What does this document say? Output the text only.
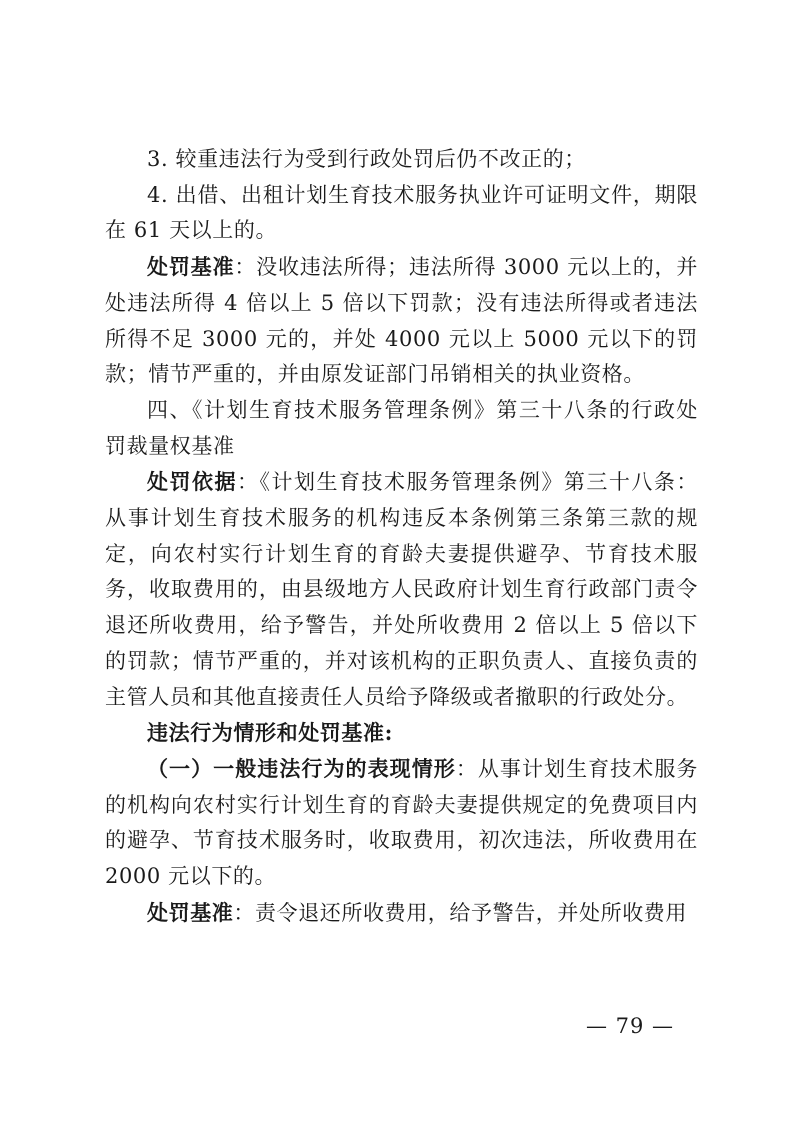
3. 较重违法行为受到行政处罚后仍不改正的；

4. 出借、出租计划生育技术服务执业许可证明文件，期限在 61 天以上的。

处罚基准：没收违法所得；违法所得 3000 元以上的，并处违法所得 4 倍以上 5 倍以下罚款；没有违法所得或者违法所得不足 3000 元的，并处 4000 元以上 5000 元以下的罚款；情节严重的，并由原发证部门吊销相关的执业资格。

四、《计划生育技术服务管理条例》第三十八条的行政处罚裁量权基准

处罚依据：《计划生育技术服务管理条例》第三十八条：从事计划生育技术服务的机构违反本条例第三条第三款的规定，向农村实行计划生育的育龄夫妻提供避孕、节育技术服务，收取费用的，由县级地方人民政府计划生育行政部门责令退还所收费用，给予警告，并处所收费用 2 倍以上 5 倍以下的罚款；情节严重的，并对该机构的正职负责人、直接负责的主管人员和其他直接责任人员给予降级或者撤职的行政处分。

违法行为情形和处罚基准:

（一）一般违法行为的表现情形：从事计划生育技术服务的机构向农村实行计划生育的育龄夫妻提供规定的免费项目内的避孕、节育技术服务时，收取费用，初次违法，所收费用在 2000 元以下的。

处罚基准：责令退还所收费用，给予警告，并处所收费用

— 79 —
